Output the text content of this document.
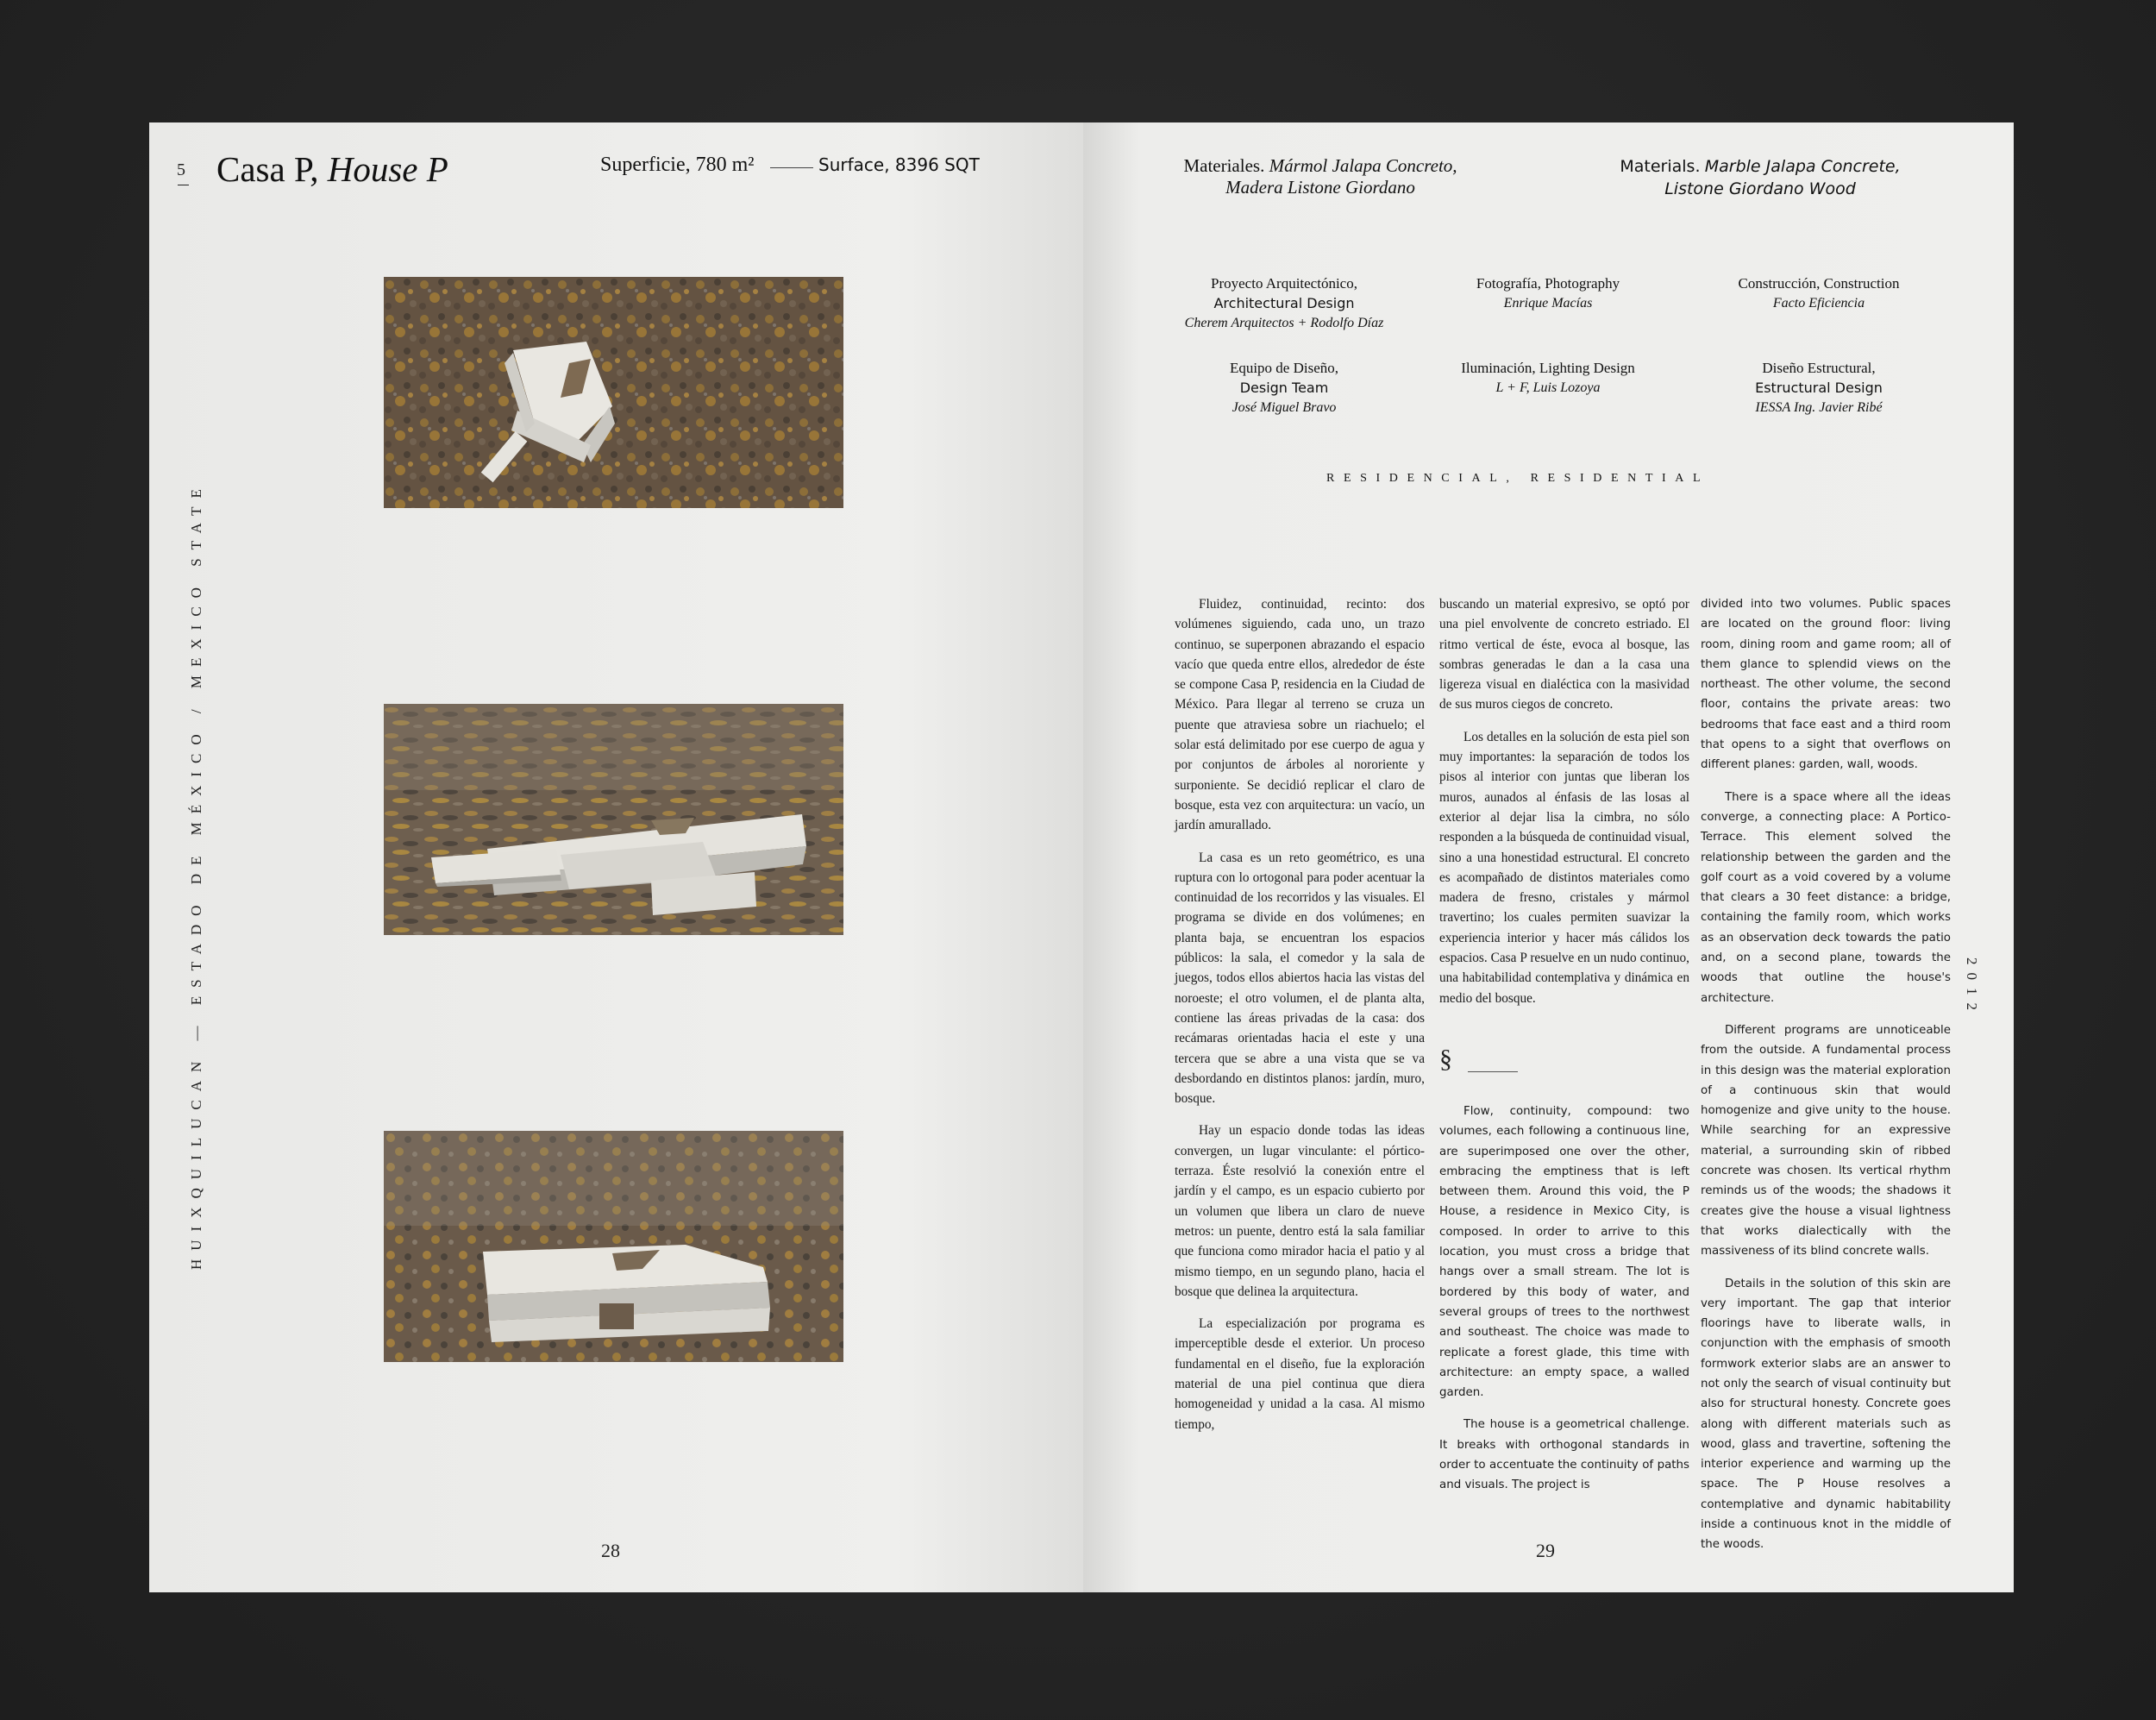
5 Casa P, House P	Superficie, 780 m²	Surface, 8396 SQT
HUIXQUILUCAN — ESTADO DE MÉXICO / MEXICO STATE
28
Materiales. Mármol Jalapa Concreto,
Madera Listone Giordano
Materials. Marble Jalapa Concrete,
Listone Giordano Wood
Proyecto Arquitectónico,
Architectural Design
Cherem Arquitectos + Rodolfo Díaz
Fotografía, Photography
Enrique Macías
Construcción, Construction
Facto Eficiencia
Equipo de Diseño,
Design Team
José Miguel Bravo
Iluminación, Lighting Design
L + F, Luis Lozoya
Diseño Estructural,
Estructural Design
IESSA Ing. Javier Ribé
RESIDENCIAL, RESIDENTIAL

Fluidez, continuidad, recinto: dos volúmenes siguiendo, cada uno, un trazo continuo, se superponen abrazando el espacio vacío que queda entre ellos, alrededor de éste se compone Casa P, residencia en la Ciudad de México. Para llegar al terreno se cruza un puente que atraviesa sobre un riachuelo; el solar está delimitado por ese cuerpo de agua y por conjuntos de árboles al nororiente y surponiente. Se decidió replicar el claro de bosque, esta vez con arquitectura: un vacío, un jardín amurallado.

La casa es un reto geométrico, es una ruptura con lo ortogonal para poder acentuar la continuidad de los recorridos y las visuales. El programa se divide en dos volúmenes; en planta baja, se encuentran los espacios públicos: la sala, el comedor y la sala de juegos, todos ellos abiertos hacia las vistas del noroeste; el otro volumen, el de planta alta, contiene las áreas privadas de la casa: dos recámaras orientadas hacia el este y una tercera que se abre a una vista que se va desbordando en distintos planos: jardín, muro, bosque.

Hay un espacio donde todas las ideas convergen, un lugar vinculante: el pórtico-terraza. Éste resolvió la conexión entre el jardín y el campo, es un espacio cubierto por un volumen que libera un claro de nueve metros: un puente, dentro está la sala familiar que funciona como mirador hacia el patio y al mismo tiempo, en un segundo plano, hacia el bosque que delinea la arquitectura.

La especialización por programa es imperceptible desde el exterior. Un proceso fundamental en el diseño, fue la exploración material de una piel continua que diera homogeneidad y unidad a la casa. Al mismo tiempo,

buscando un material expresivo, se optó por una piel envolvente de concreto estriado. El ritmo vertical de éste, evoca al bosque, las sombras generadas le dan a la casa una ligereza visual en dialéctica con la masividad de sus muros ciegos de concreto.

Los detalles en la solución de esta piel son muy importantes: la separación de todos los pisos al interior con juntas que liberan los muros, aunados al énfasis de las losas al exterior al dejar lisa la cimbra, no sólo responden a la búsqueda de continuidad visual, sino a una honestidad estructural. El concreto es acompañado de distintos materiales como madera de fresno, cristales y mármol travertino; los cuales permiten suavizar la experiencia interior y hacer más cálidos los espacios. Casa P resuelve en un nudo continuo, una habitabilidad contemplativa y dinámica en medio del bosque.

§

Flow, continuity, compound: two volumes, each following a continuous line, are superimposed one over the other, embracing the emptiness that is left between them. Around this void, the P House, a residence in Mexico City, is composed. In order to arrive to this location, you must cross a bridge that hangs over a small stream. The lot is bordered by this body of water, and several groups of trees to the northwest and southeast. The choice was made to replicate a forest glade, this time with architecture: an empty space, a walled garden.

The house is a geometrical challenge. It breaks with orthogonal standards in order to accentuate the continuity of paths and visuals. The project is

divided into two volumes. Public spaces are located on the ground floor: living room, dining room and game room; all of them glance to splendid views on the northeast. The other volume, the second floor, contains the private areas: two bedrooms that face east and a third room that opens to a sight that overflows on different planes: garden, wall, woods.

There is a space where all the ideas converge, a connecting place: A Portico-Terrace. This element solved the relationship between the garden and the golf court as a void covered by a volume that clears a 30 feet distance: a bridge, containing the family room, which works as an observation deck towards the patio and, on a second plane, towards the woods that outline the house's architecture.

Different programs are unnoticeable from the outside. A fundamental process in this design was the material exploration of a continuous skin that would homogenize and give unity to the house. While searching for an expressive material, a surrounding skin of ribbed concrete was chosen. Its vertical rhythm reminds us of the woods; the shadows it creates give the house a visual lightness that works dialectically with the massiveness of its blind concrete walls.

Details in the solution of this skin are very important. The gap that interior floorings have to liberate walls, in conjunction with the emphasis of smooth formwork exterior slabs are an answer to not only the search of visual continuity but also for structural honesty. Concrete goes along with different materials such as wood, glass and travertine, softening the interior experience and warming up the space. The P House resolves a contemplative and dynamic habitability inside a continuous knot in the middle of the woods.

2012
29
